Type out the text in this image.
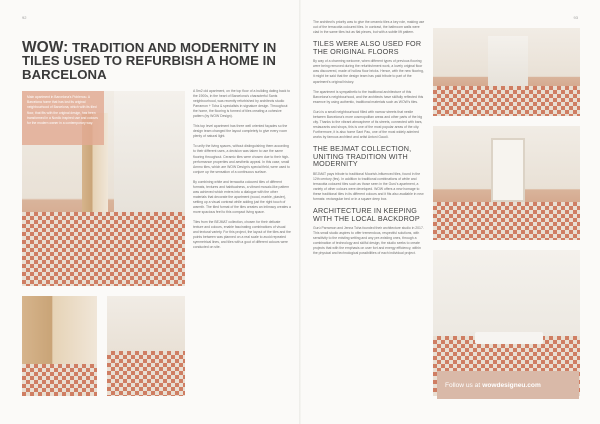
92
WOW: TRADITION AND MODERNITY IN TILES USED TO REFURBISH A HOME IN BARCELONA

Main apartment in Barcelona's Poblenou. A Barcelona home that has lost its original neighbourhood of Barcelona, which with its tiled floor, that fits with the original design, has been transformed in a Nordic inspired use and colours for the modern owner in a contemporary way.

A 5m2 old apartment, on the top floor of a building dating back to the 1900s, in the heart of Barcelona's characterful Sants neighbourhood, was recently refurbished by architects studio Parramon + Toha & specialists in signature design. Throughout the home, the flooring is formed of tiles creating a cohesive pattern (by WOW Design).

This top level apartment has three well oriented façades so the design team changed the layout completely to give every room plenty of natural light.

To unify the living spaces, without distinguishing them according to their different uses, a decision was taken to use the same flooring throughout. Ceramic tiles were chosen due to their high-performance properties and aesthetic appeal. In this case, small Ammo tiles, which are WOW Design's special field, were used to conjure up the sensation of a continuous surface.

By combining white and terracotta coloured tiles of different formats, textures and habitualness, a vibrant mosaic-like pattern was achieved which enters into a dialogue with the other materials that decorate the apartment (wood, marble, plaster), setting up a visual contrast while adding just the right touch of warmth. The tiled format of the tiles creates an intimacy creates a more spacious feel to this compact living space.

Tiles from the BEJMAT collection, chosen for their delicate texture and colours, enable fascinating combinations of visual and textural variety. For this project, the layout of the tiles and the points between was planned on a real scale to avoid repeated symmetrical lines, and tiles with a gout of different colours were conducted on site.

93

The architect's priority was to give the ceramic tiles a key role, making use out of the terracotta coloured tiles. In contrast, the bathroom walls were clad in the same tiles but as flat pieces, but with a subtle lift pattern.

TILES WERE ALSO USED FOR THE ORIGINAL FLOORS

By way of a charming welcome, when different types of previous flooring were being removed during the refurbishment work, a lovely original floor was discovered, made of hollow floor bricks. Hence, with the new flooring, it might be said that the design team has paid tribute to part of the apartment's original history.

The apartment is sympathetic to the traditional architecture of this Barcelona's neighbourhood, and the architects have skilfully reflected this essence by using authentic, traditional materials such as WOW's tiles.

Gurú is a small neighbourhood filled with narrow streets that nestle between Barcelona's more cosmopolitan areas and other parts of the big city. Thanks to the vibrant atmosphere of its streets, connected with bars, restaurants and shops, this is one of the most popular areas of the city. Furthermore, it is also home Sant Pau, one of the most widely admired works by famous architect and artist Antoni Gaudí.

THE BEJMAT COLLECTION, UNITING TRADITION WITH MODERNITY

BEJMAT pays tribute to traditional Moorish-influenced tiles, found in the 12th century (fes). In addition to traditional combinations of white and terracotta coloured tiles such as those seen in the Gurú's apartment, a variety of other colours were developed. WOW offers a new homage to these traditional tiles in its different colours and it fits also available in new formats: rectangular bed or in a square deep box.

ARCHITECTURE IN KEEPING WITH THE LOCAL BACKDROP

Gurú Parramon and Jenna Toha founded their architecture studio in 2017. This small studio aspires to offer tremendous, respectful solutions, with sensitivity to the existing setting and any pre-existing ones, through a combination of technology and skilful design, the studio seeks to create projects that with the emphasis on user fort and energy efficiency, within the physical and technological possibilities of each individual project.

Follow us at wowdesigneu.com
